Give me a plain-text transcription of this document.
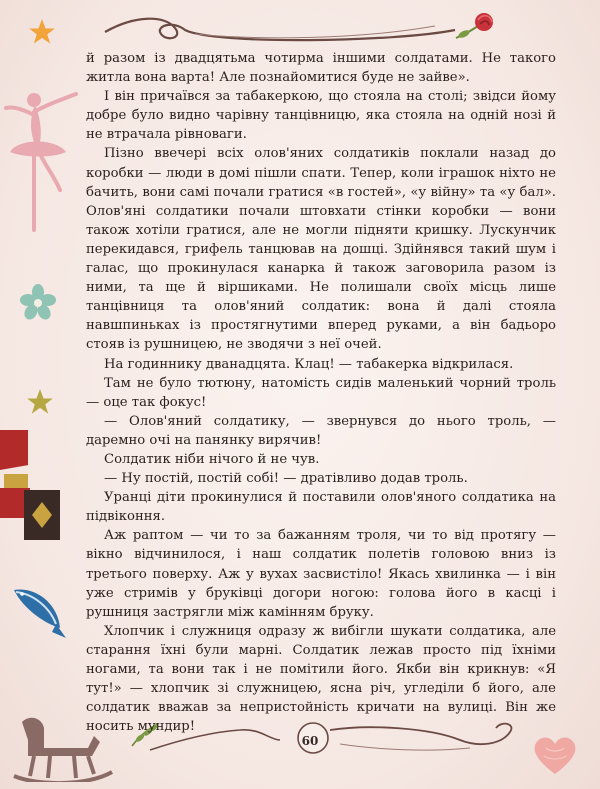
й разом із двадцятьма чотирма іншими солдатами. Не такого житла вона варта! Але познайомитися буде не зайве».

І він причаївся за табакеркою, що стояла на столі; звідси йому добре було видно чарівну танцівницю, яка стояла на одній нозі й не втрачала рівноваги.

Пізно ввечері всіх олов'яних солдатиків поклали назад до коробки — люди в домі пішли спати. Тепер, коли іграшок ніхто не бачить, вони самі почали гратися «в гостей», «у війну» та «у бал». Олов'яні солдатики почали штовхати стінки коробки — вони також хотіли гратися, але не могли підняти кришку. Лускунчик перекидався, грифель танцював на дошці. Здійнявся такий шум і галас, що прокинулася канарка й також заговорила разом із ними, та ще й віршиками. Не полишали своїх місць лише танцівниця та олов'яний солдатик: вона й далі стояла навшпиньках із простягнутими вперед руками, а він бадьоро стояв із рушницею, не зводячи з неї очей.

На годиннику дванадцята. Клац! — табакерка відкрилася.

Там не було тютюну, натомість сидів маленький чорний троль — оце так фокус!

— Олов'яний солдатику, — звернувся до нього троль, — даремно очі на панянку вирячив!

Солдатик ніби нічого й не чув.

— Ну постій, постій собі! — дратівливо додав троль.

Уранці діти прокинулися й поставили олов'яного солдатика на підвіконня.

Аж раптом — чи то за бажанням троля, чи то від протягу — вікно відчинилося, і наш солдатик полетів головою вниз із третього поверху. Аж у вухах засвистіло! Якась хвилинка — і він уже стримів у бруківці догори ногою: голова його в касці і рушниця застрягли між камінням бруку.

Хлопчик і служниця одразу ж вибігли шукати солдатика, але старання їхні були марні. Солдатик лежав просто під їхніми ногами, та вони так і не помітили його. Якби він крикнув: «Я тут!» — хлопчик зі служницею, ясна річ, угледіли б його, але солдатик вважав за непристойність кричати на вулиці. Він же носить мундир!

60
